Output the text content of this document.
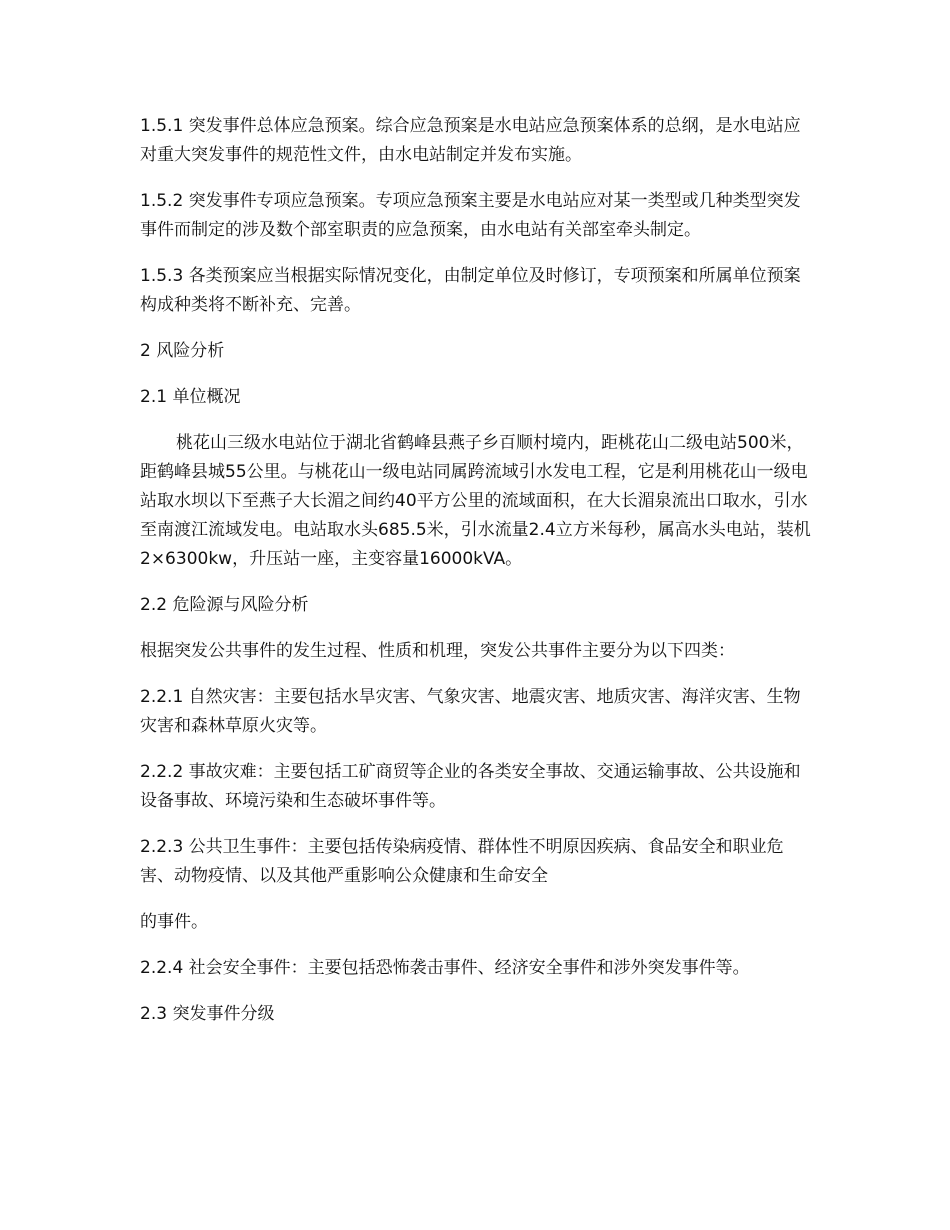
1.5.1 突发事件总体应急预案。综合应急预案是水电站应急预案体系的总纲，是水电站应对重大突发事件的规范性文件，由水电站制定并发布实施。

1.5.2 突发事件专项应急预案。专项应急预案主要是水电站应对某一类型或几种类型突发事件而制定的涉及数个部室职责的应急预案，由水电站有关部室牵头制定。

1.5.3 各类预案应当根据实际情况变化，由制定单位及时修订，专项预案和所属单位预案构成种类将不断补充、完善。

2 风险分析

2.1 单位概况

桃花山三级水电站位于湖北省鹤峰县燕子乡百顺村境内，距桃花山二级电站500米，距鹤峰县城55公里。与桃花山一级电站同属跨流域引水发电工程，它是利用桃花山一级电站取水坝以下至燕子大长湄之间约40平方公里的流域面积，在大长湄泉流出口取水，引水至南渡江流域发电。电站取水头685.5米，引水流量2.4立方米每秒，属高水头电站，装机2×6300kw，升压站一座，主变容量16000kVA。

2.2 危险源与风险分析

根据突发公共事件的发生过程、性质和机理，突发公共事件主要分为以下四类：

2.2.1 自然灾害：主要包括水旱灾害、气象灾害、地震灾害、地质灾害、海洋灾害、生物灾害和森林草原火灾等。

2.2.2 事故灾难：主要包括工矿商贸等企业的各类安全事故、交通运输事故、公共设施和设备事故、环境污染和生态破坏事件等。

2.2.3 公共卫生事件：主要包括传染病疫情、群体性不明原因疾病、食品安全和职业危害、动物疫情、以及其他严重影响公众健康和生命安全

的事件。

2.2.4 社会安全事件：主要包括恐怖袭击事件、经济安全事件和涉外突发事件等。

2.3 突发事件分级
